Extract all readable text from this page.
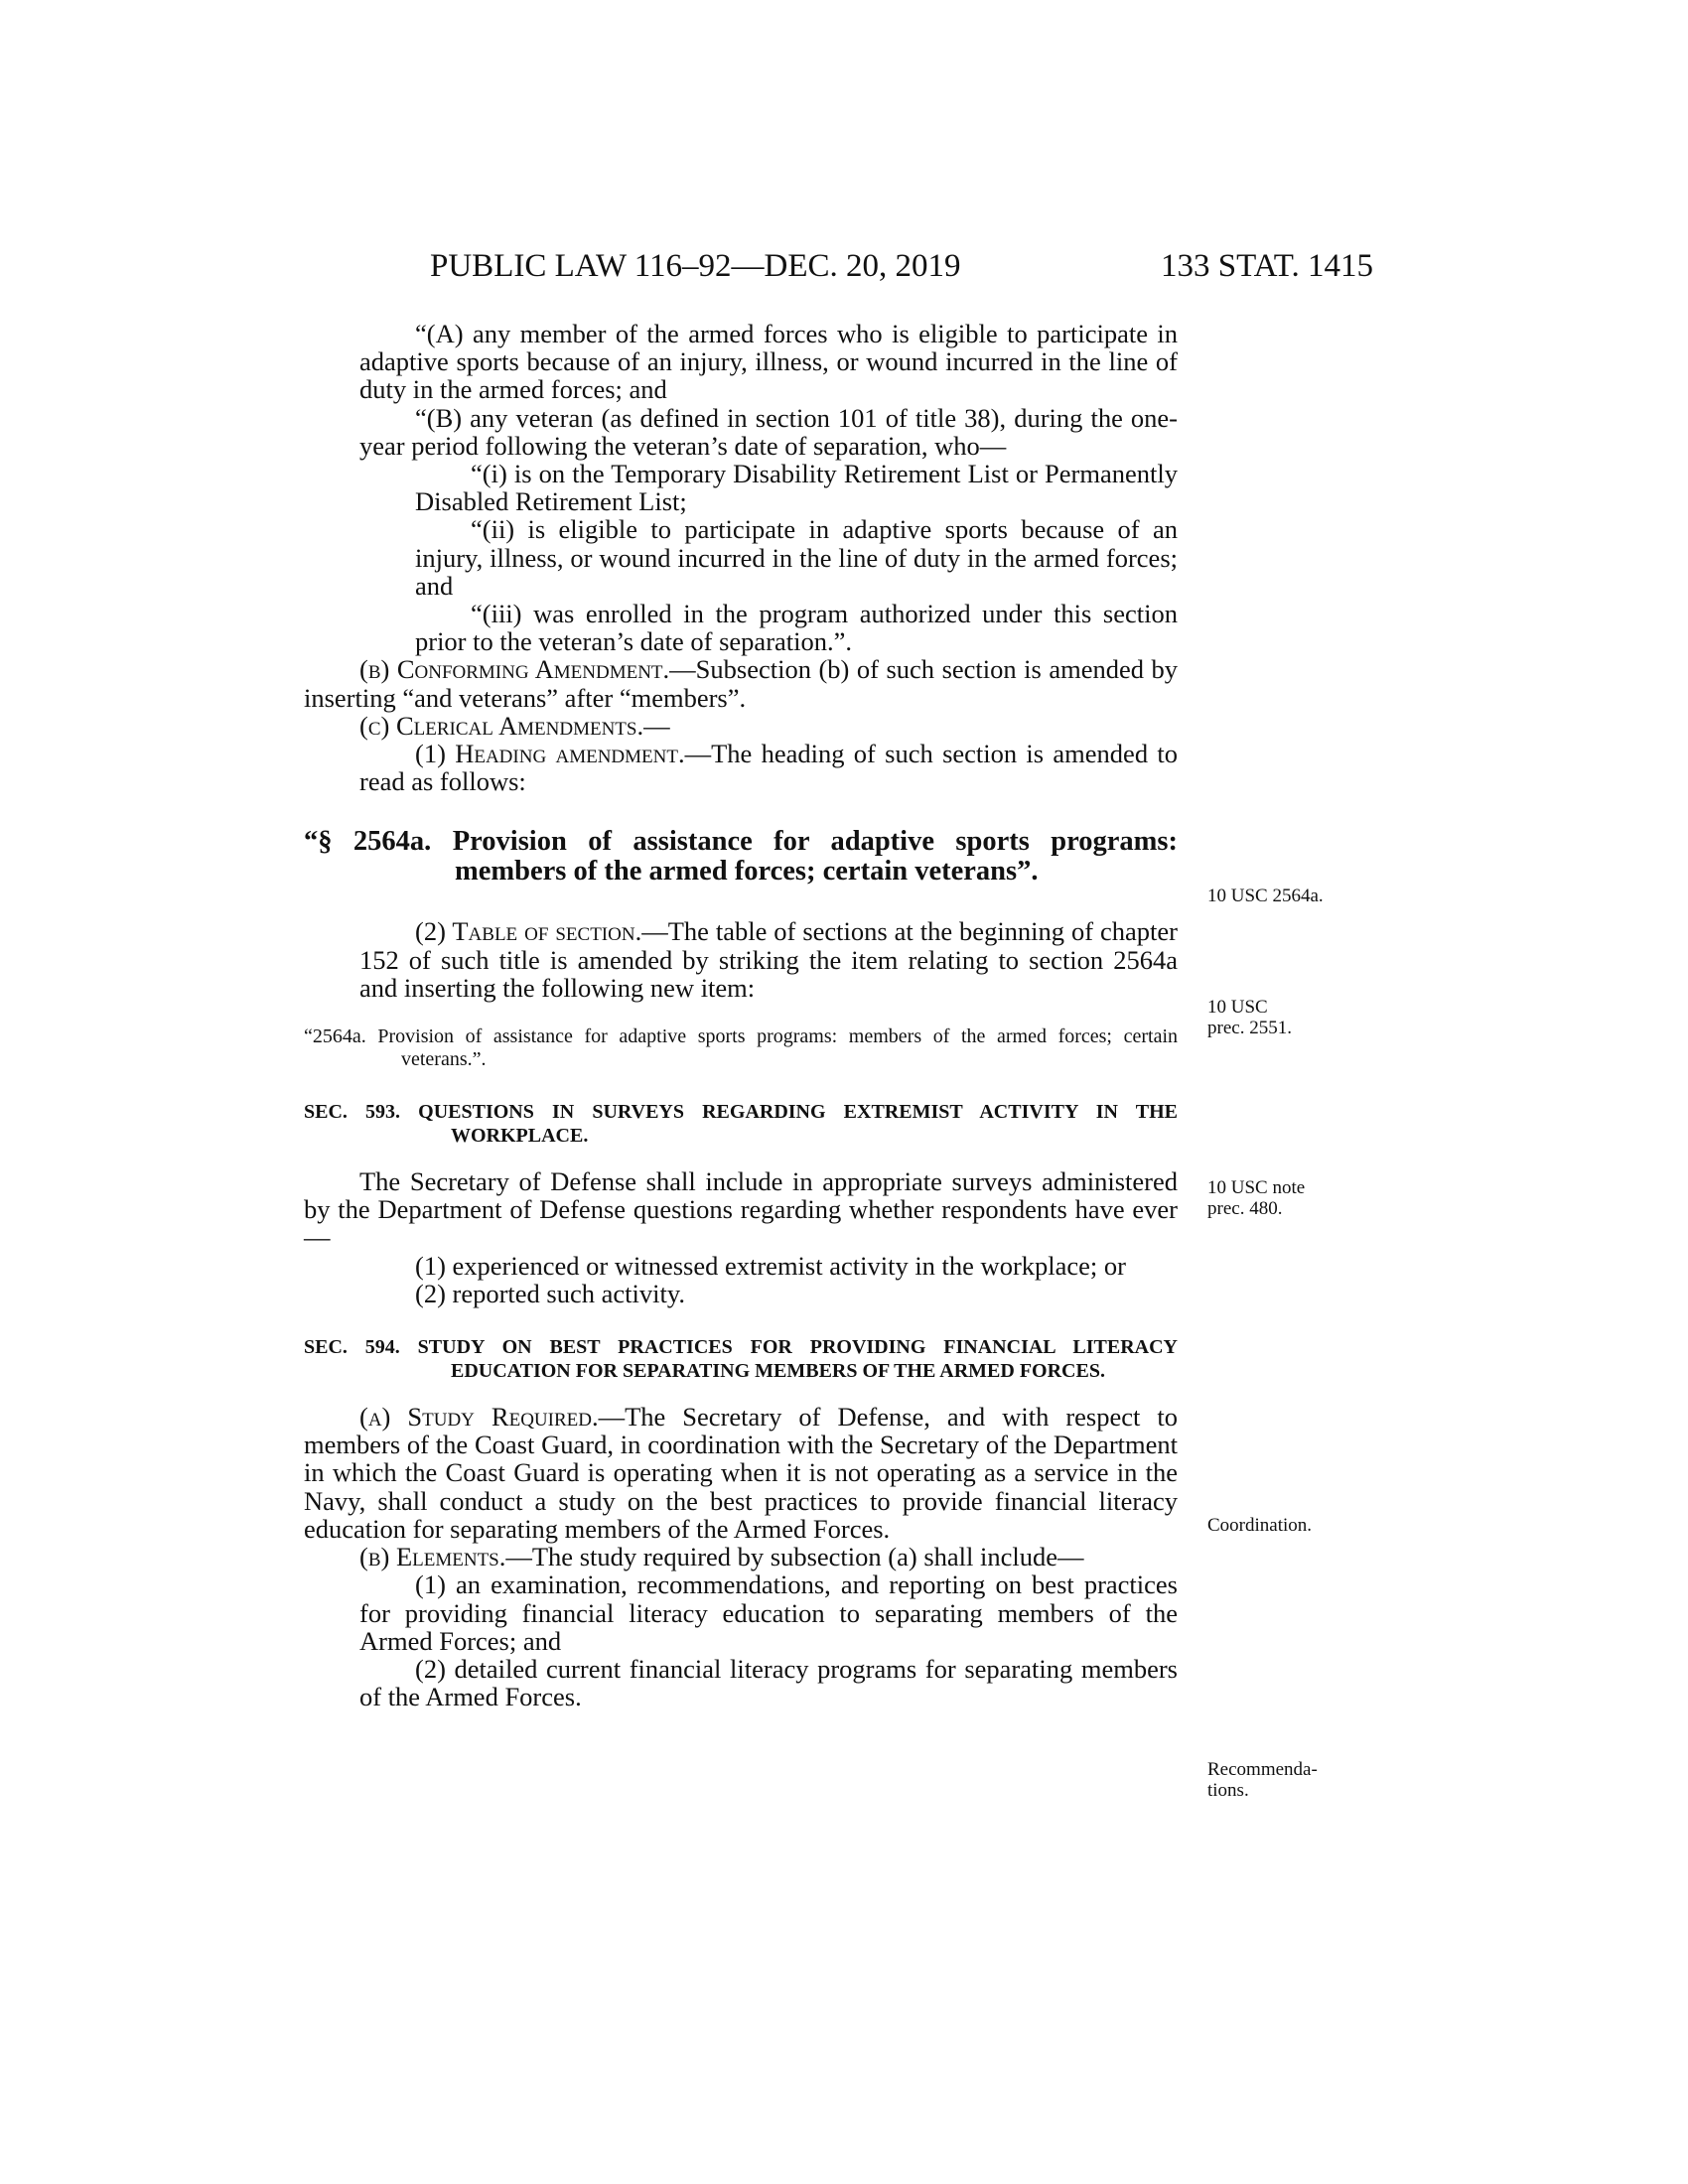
PUBLIC LAW 116–92—DEC. 20, 2019	133 STAT. 1415

“(A) any member of the armed forces who is eligible to participate in adaptive sports because of an injury, illness, or wound incurred in the line of duty in the armed forces; and

“(B) any veteran (as defined in section 101 of title 38), during the one-year period following the veteran’s date of separation, who—

“(i) is on the Temporary Disability Retirement List or Permanently Disabled Retirement List;

“(ii) is eligible to participate in adaptive sports because of an injury, illness, or wound incurred in the line of duty in the armed forces; and

“(iii) was enrolled in the program authorized under this section prior to the veteran’s date of separation.”.

(b) Conforming Amendment.—Subsection (b) of such section is amended by inserting “and veterans” after “members”.

(c) Clerical Amendments.—

(1) Heading amendment.—The heading of such section is amended to read as follows:

“§ 2564a. Provision of assistance for adaptive sports programs: members of the armed forces; certain veterans”.

(2) Table of section.—The table of sections at the beginning of chapter 152 of such title is amended by striking the item relating to section 2564a and inserting the following new item:

“2564a. Provision of assistance for adaptive sports programs: members of the armed forces; certain veterans.”.

SEC. 593. QUESTIONS IN SURVEYS REGARDING EXTREMIST ACTIVITY IN THE WORKPLACE.

The Secretary of Defense shall include in appropriate surveys administered by the Department of Defense questions regarding whether respondents have ever—

(1) experienced or witnessed extremist activity in the workplace; or

(2) reported such activity.

SEC. 594. STUDY ON BEST PRACTICES FOR PROVIDING FINANCIAL LITERACY EDUCATION FOR SEPARATING MEMBERS OF THE ARMED FORCES.

(a) Study Required.—The Secretary of Defense, and with respect to members of the Coast Guard, in coordination with the Secretary of the Department in which the Coast Guard is operating when it is not operating as a service in the Navy, shall conduct a study on the best practices to provide financial literacy education for separating members of the Armed Forces.

(b) Elements.—The study required by subsection (a) shall include—

(1) an examination, recommendations, and reporting on best practices for providing financial literacy education to separating members of the Armed Forces; and

(2) detailed current financial literacy programs for separating members of the Armed Forces.

10 USC 2564a.
10 USC
prec. 2551.
10 USC note
prec. 480.
Coordination.
Recommenda-
tions.
